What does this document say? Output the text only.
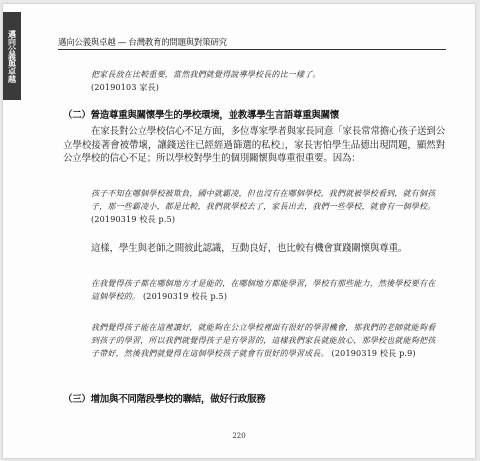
邁向公義與卓越	邁向公義與卓越 — 台灣教育的問題與對策研究
把家長放在比較重要，當然我們就覺得說導學校長的比一樣了。
(20190103 家長)
（二）營造尊重與關懷學生的學校環境，並教導學生言語尊重與關懷
在家長對公立學校信心不足方面，多位專家學者與家長同意「家長常常擔心孩子送到公立學校接著會被帶壞，讓錢送往已經經過篩選的私校」，家長害怕學生品德出現問題，顯然對公立學校的信心不足；所以學校對學生的個別關懷與尊重很重要。因為：
孩子不知在哪個學校被欺負，國中就霸凌，但也沒有在哪個學校，我們就被學校看到，就有個孩子，那一些霸凌小，都是比較，我們就學校去了，家長出去，我們一些學校，就會有一個學校。 (20190319 校長 p.5)
這樣，學生與老師之間彼此認識，互動良好，也比較有機會實踐關懷與尊重。
在我覺得孩子都在哪個地方才是能的，在哪個地方都能學習，學校有那些能力，然後學校要有在這個學校的。 (20190319 校長 p.5)
我們覺得孩子能在這裡讀好，就能夠在公立學校裡面有很好的學習機會，那我們的老師就能夠看到孩子的學習，所以我們就覺得孩子是有學習的，這樣我們家長就能放心，那學校也就能夠把孩子帶好，然後我們就覺得在這個學校孩子就會有很好的學習成長。 (20190319 校長 p.9)
（三）增加與不同階段學校的聯結，做好行政服務
220
